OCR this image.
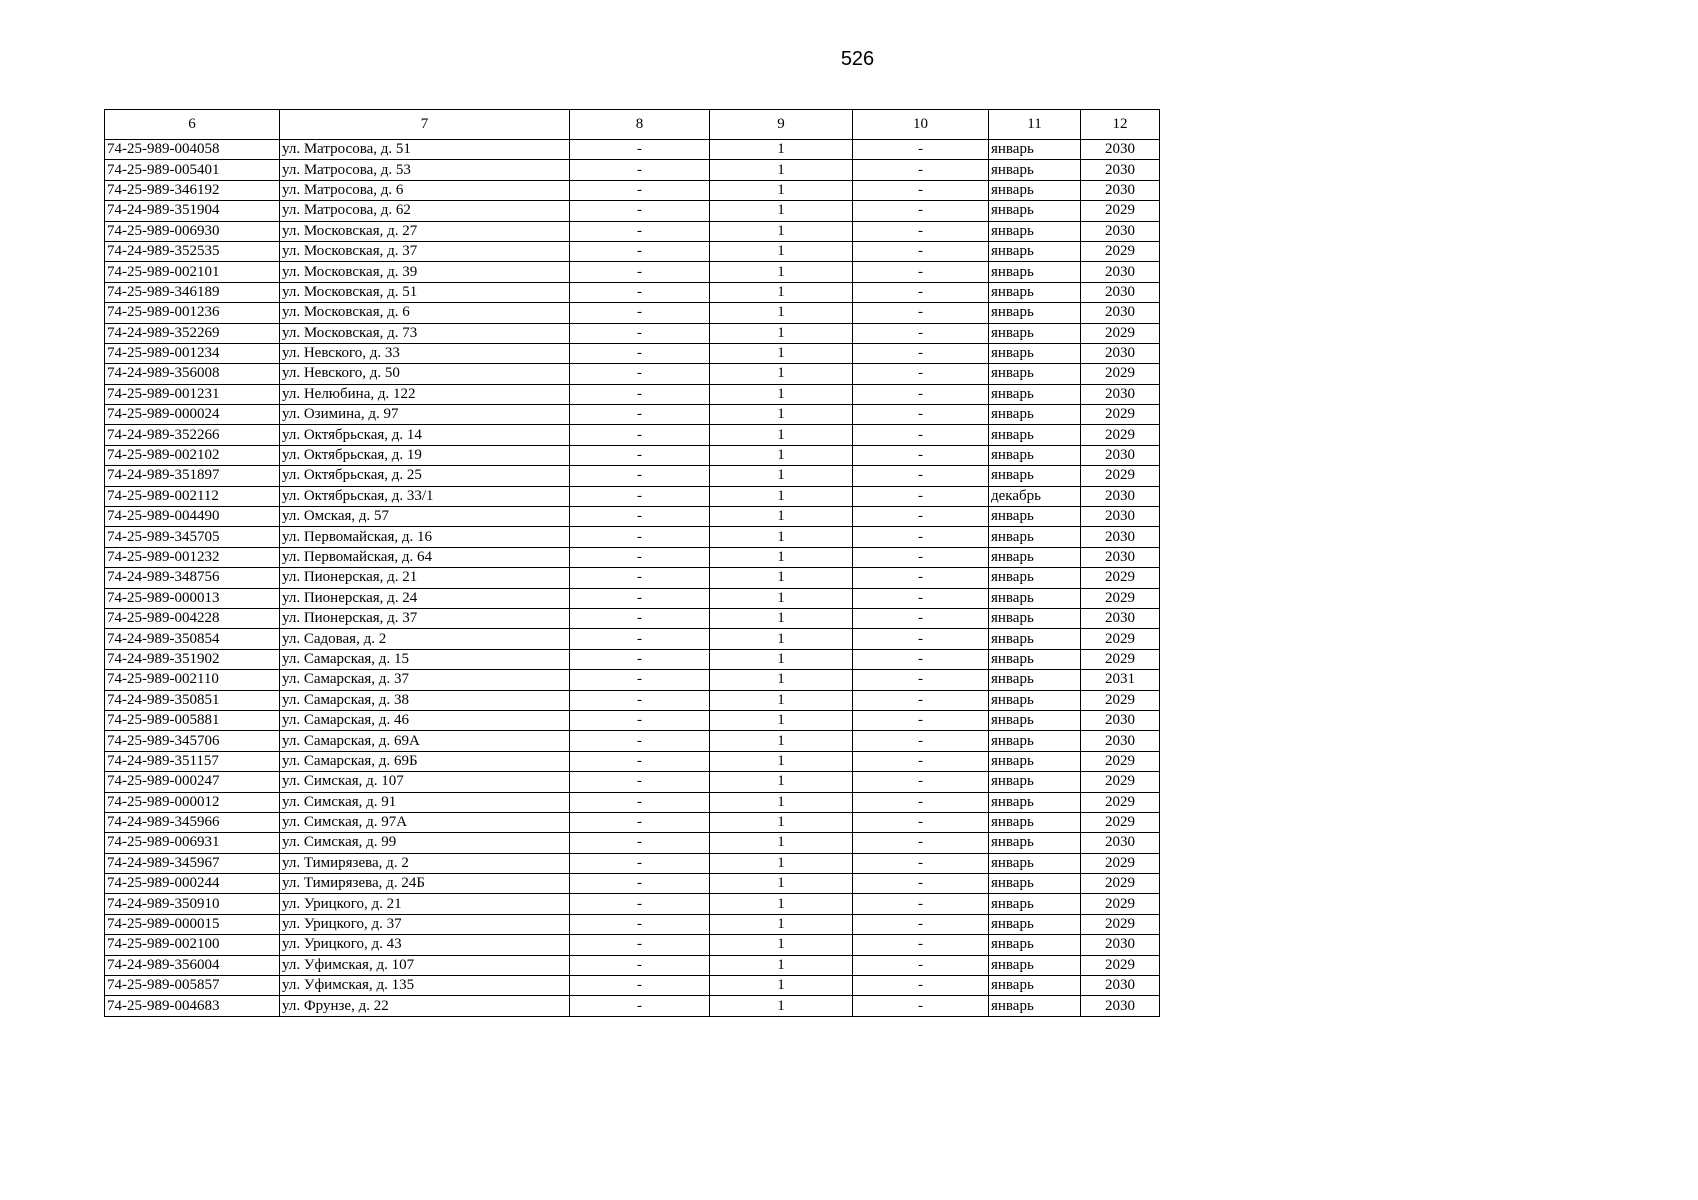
526
6	7	8	9	10	11	12
74-25-989-004058	ул. Матросова, д. 51	-	1	-	январь	2030
74-25-989-005401	ул. Матросова, д. 53	-	1	-	январь	2030
74-25-989-346192	ул. Матросова, д. 6	-	1	-	январь	2030
74-24-989-351904	ул. Матросова, д. 62	-	1	-	январь	2029
74-25-989-006930	ул. Московская, д. 27	-	1	-	январь	2030
74-24-989-352535	ул. Московская, д. 37	-	1	-	январь	2029
74-25-989-002101	ул. Московская, д. 39	-	1	-	январь	2030
74-25-989-346189	ул. Московская, д. 51	-	1	-	январь	2030
74-25-989-001236	ул. Московская, д. 6	-	1	-	январь	2030
74-24-989-352269	ул. Московская, д. 73	-	1	-	январь	2029
74-25-989-001234	ул. Невского, д. 33	-	1	-	январь	2030
74-24-989-356008	ул. Невского, д. 50	-	1	-	январь	2029
74-25-989-001231	ул. Нелюбина, д. 122	-	1	-	январь	2030
74-25-989-000024	ул. Озимина, д. 97	-	1	-	январь	2029
74-24-989-352266	ул. Октябрьская, д. 14	-	1	-	январь	2029
74-25-989-002102	ул. Октябрьская, д. 19	-	1	-	январь	2030
74-24-989-351897	ул. Октябрьская, д. 25	-	1	-	январь	2029
74-25-989-002112	ул. Октябрьская, д. 33/1	-	1	-	декабрь	2030
74-25-989-004490	ул. Омская, д. 57	-	1	-	январь	2030
74-25-989-345705	ул. Первомайская, д. 16	-	1	-	январь	2030
74-25-989-001232	ул. Первомайская, д. 64	-	1	-	январь	2030
74-24-989-348756	ул. Пионерская, д. 21	-	1	-	январь	2029
74-25-989-000013	ул. Пионерская, д. 24	-	1	-	январь	2029
74-25-989-004228	ул. Пионерская, д. 37	-	1	-	январь	2030
74-24-989-350854	ул. Садовая, д. 2	-	1	-	январь	2029
74-24-989-351902	ул. Самарская, д. 15	-	1	-	январь	2029
74-25-989-002110	ул. Самарская, д. 37	-	1	-	январь	2031
74-24-989-350851	ул. Самарская, д. 38	-	1	-	январь	2029
74-25-989-005881	ул. Самарская, д. 46	-	1	-	январь	2030
74-25-989-345706	ул. Самарская, д. 69А	-	1	-	январь	2030
74-24-989-351157	ул. Самарская, д. 69Б	-	1	-	январь	2029
74-25-989-000247	ул. Симская, д. 107	-	1	-	январь	2029
74-25-989-000012	ул. Симская, д. 91	-	1	-	январь	2029
74-24-989-345966	ул. Симская, д. 97А	-	1	-	январь	2029
74-25-989-006931	ул. Симская, д. 99	-	1	-	январь	2030
74-24-989-345967	ул. Тимирязева, д. 2	-	1	-	январь	2029
74-25-989-000244	ул. Тимирязева, д. 24Б	-	1	-	январь	2029
74-24-989-350910	ул. Урицкого, д. 21	-	1	-	январь	2029
74-25-989-000015	ул. Урицкого, д. 37	-	1	-	январь	2029
74-25-989-002100	ул. Урицкого, д. 43	-	1	-	январь	2030
74-24-989-356004	ул. Уфимская, д. 107	-	1	-	январь	2029
74-25-989-005857	ул. Уфимская, д. 135	-	1	-	январь	2030
74-25-989-004683	ул. Фрунзе, д. 22	-	1	-	январь	2030
